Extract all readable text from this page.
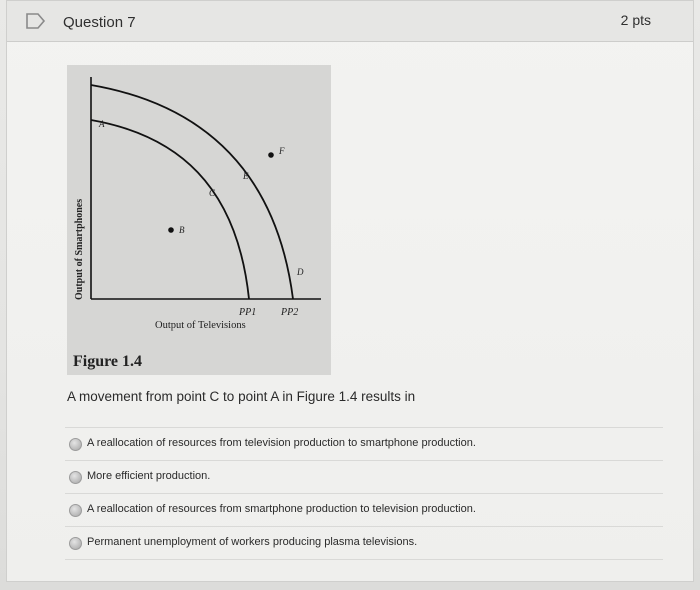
Question 7	2 pts
Output of Smartphones
Output of Televisions
PP1 PP2
A
B
C
D
E
F
Figure 1.4
A movement from point C to point A in Figure 1.4 results in
A reallocation of resources from television production to smartphone production.
More efficient production.
A reallocation of resources from smartphone production to television production.
Permanent unemployment of workers producing plasma televisions.
